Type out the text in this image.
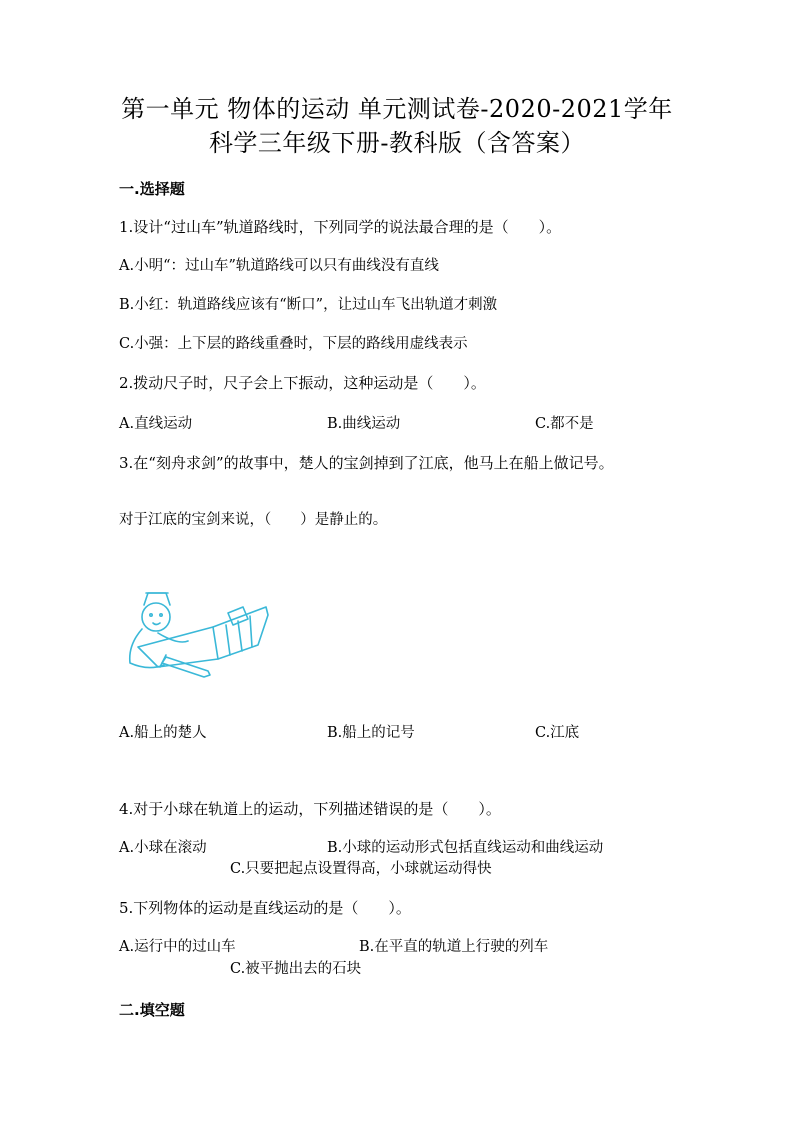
第一单元 物体的运动 单元测试卷-2020-2021学年
科学三年级下册-教科版（含答案）
一.选择题
1.设计“过山车”轨道路线时，下列同学的说法最合理的是（　　）。
A.小明“：过山车”轨道路线可以只有曲线没有直线
B.小红：轨道路线应该有“断口”，让过山车飞出轨道才刺激
C.小强：上下层的路线重叠时，下层的路线用虚线表示
2.拨动尺子时，尺子会上下振动，这种运动是（　　）。
A.直线运动	B.曲线运动	C.都不是
3.在“刻舟求剑”的故事中，楚人的宝剑掉到了江底，他马上在船上做记号。
对于江底的宝剑来说，（　　）是静止的。
A.船上的楚人	B.船上的记号	C.江底
4.对于小球在轨道上的运动，下列描述错误的是（　　）。
A.小球在滚动	B.小球的运动形式包括直线运动和曲线运动
C.只要把起点设置得高，小球就运动得快
5.下列物体的运动是直线运动的是（　　）。
A.运行中的过山车	B.在平直的轨道上行驶的列车
C.被平抛出去的石块
二.填空题
